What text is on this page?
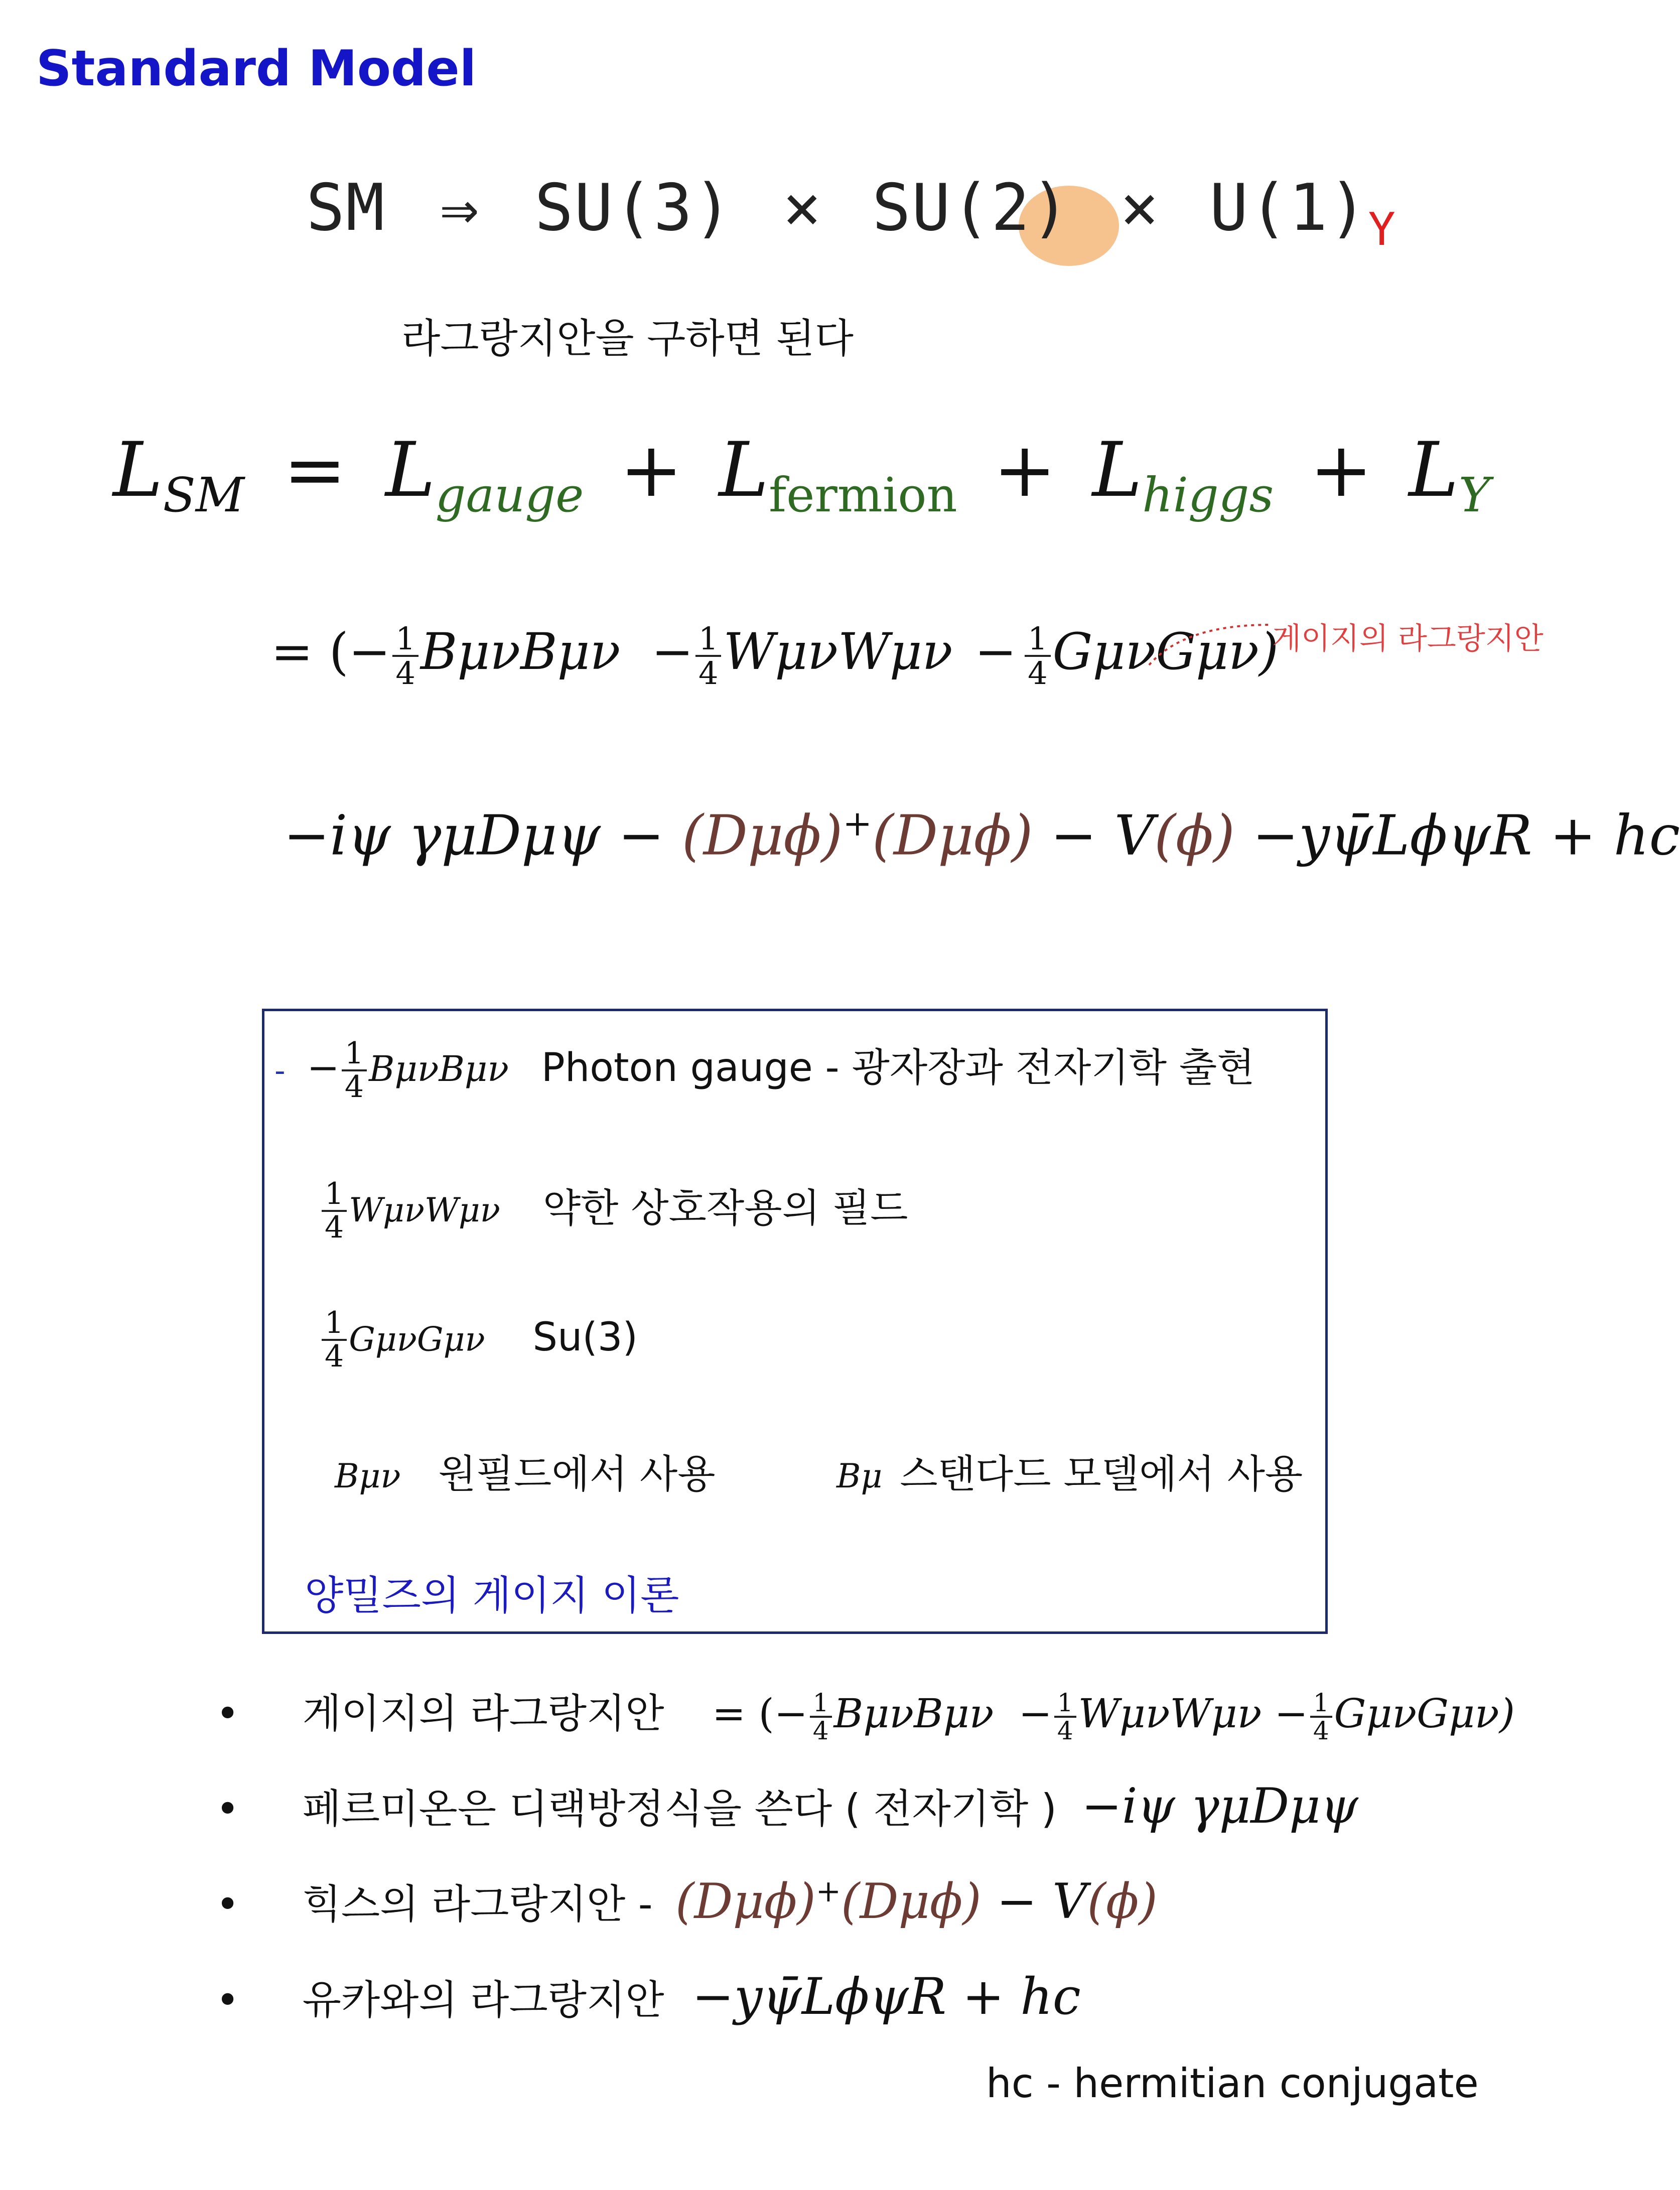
Standard Model
SM ⇒ $SU(3) \times SU(2) \times U(1)_Y$
라그랑지안을 구하면 된다
$L_{SM} = L_{gauge} + L_{fermion} + L_{higgs} + L_Y$
= (− $\frac{1}{4}$ $B\mu\nu B\mu\nu - \frac{1}{4}$ $W\mu\nu W\mu\nu - \frac{1}{4} G\mu\nu G\mu\nu$)
게이지의 라그랑지안
−iψ γμDμψ − (Dμϕ)+(Dμϕ) − V(ϕ) −yψ̄LϕψR + hc
- − $\frac{1}{4}$ BμνBμν Photon gauge - 광자장과 전자기학 출현
$\frac{1}{4}$ WμνWμν 약한 상호작용의 필드
$\frac{1}{4}$ GμνGμν Su(3)
Bμν 원필드에서 사용	Bμ 스탠다드 모델에서 사용
양밀즈의 게이지 이론
• 게이지의 라그랑지안 = (− $\frac{1}{4}$ $B\mu\nu B\mu\nu - \frac{1}{4}$ $W\mu\nu W\mu\nu - \frac{1}{4} G\mu\nu G\mu\nu$)
• 페르미온은 디랙방정식을 쓴다 ( 전자기학 ) −iψ γμDμψ
• 힉스의 라그랑지안 - (Dμϕ)+(Dμϕ) − V(ϕ)
• 유카와의 라그랑지안 −yψ̄LϕψR + hc
hc - hermitian conjugate
